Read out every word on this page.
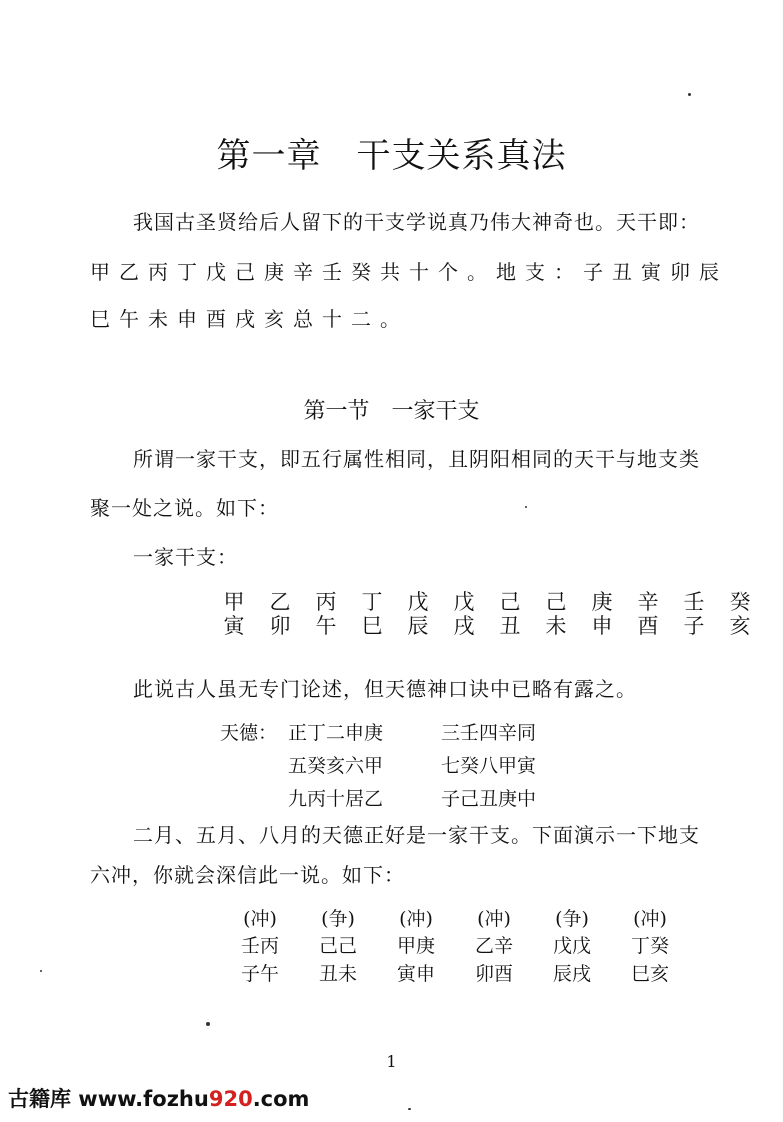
第一章　干支关系真法
我国古圣贤给后人留下的干支学说真乃伟大神奇也。天干即：
甲乙丙丁戊己庚辛壬癸共十个。地支：子丑寅卯辰
巳午未申酉戌亥总十二。
第一节　一家干支
所谓一家干支，即五行属性相同，且阴阳相同的天干与地支类
聚一处之说。如下：
一家干支：
甲	乙	丙	丁	戊	戊	己	己	庚	辛	壬	癸
寅	卯	午	巳	辰	戌	丑	未	申	酉	子	亥
此说古人虽无专门论述，但天德神口诀中已略有露之。
天德： 正丁二申庚	三壬四辛同
五癸亥六甲	七癸八甲寅
九丙十居乙	子己丑庚中
二月、五月、八月的天德正好是一家干支。下面演示一下地支
六冲，你就会深信此一说。如下：
(冲)	(争)	(冲)	(冲)	(争)	(冲)
壬丙	己己	甲庚	乙辛	戊戊	丁癸
子午	丑未	寅申	卯酉	辰戌	巳亥
1
古籍库 www.fozhu920.com
